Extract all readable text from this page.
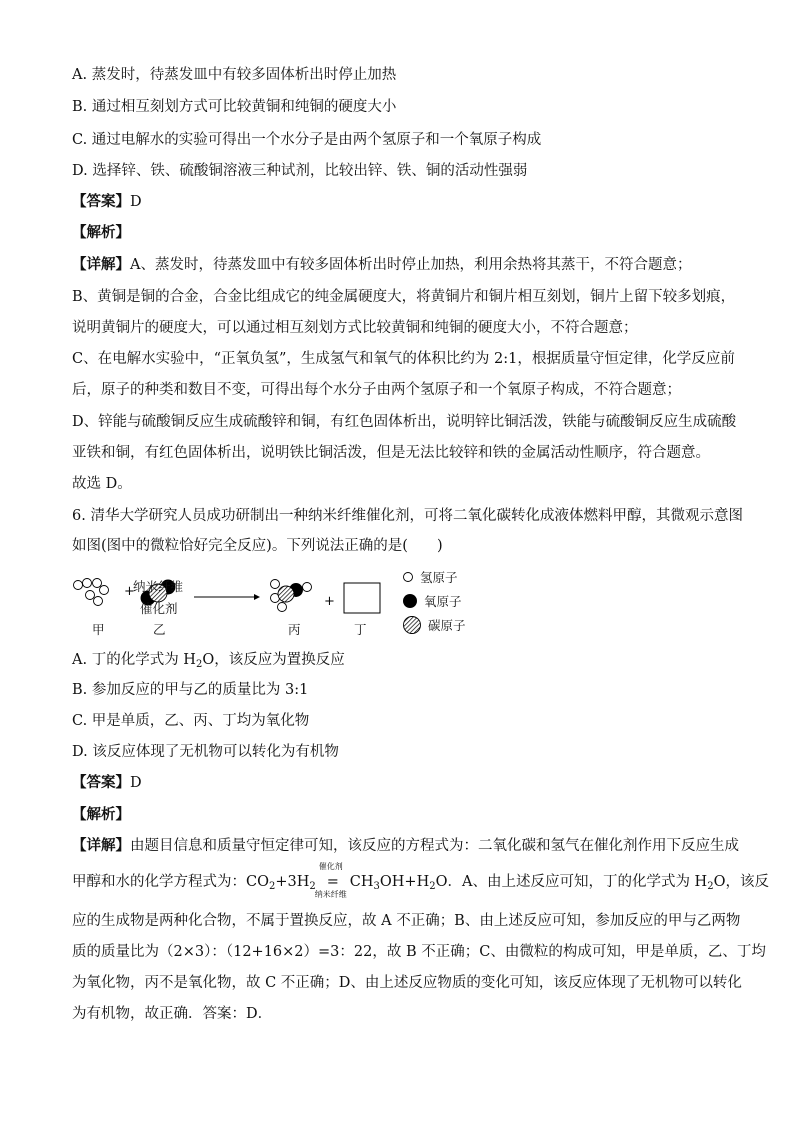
A. 蒸发时，待蒸发皿中有较多固体析出时停止加热
B. 通过相互刻划方式可比较黄铜和纯铜的硬度大小
C. 通过电解水的实验可得出一个水分子是由两个氢原子和一个氧原子构成
D. 选择锌、铁、硫酸铜溶液三种试剂，比较出锌、铁、铜的活动性强弱
【答案】D
【解析】
【详解】A、蒸发时，待蒸发皿中有较多固体析出时停止加热，利用余热将其蒸干，不符合题意；
B、黄铜是铜的合金，合金比组成它的纯金属硬度大，将黄铜片和铜片相互刻划，铜片上留下较多划痕，
说明黄铜片的硬度大，可以通过相互刻划方式比较黄铜和纯铜的硬度大小，不符合题意；
C、在电解水实验中，“正氧负氢”，生成氢气和氧气的体积比约为 2:1，根据质量守恒定律，化学反应前
后，原子的种类和数目不变，可得出每个水分子由两个氢原子和一个氧原子构成，不符合题意；
D、锌能与硫酸铜反应生成硫酸锌和铜，有红色固体析出，说明锌比铜活泼，铁能与硫酸铜反应生成硫酸
亚铁和铜，有红色固体析出，说明铁比铜活泼，但是无法比较锌和铁的金属活动性顺序，符合题意。
故选 D。
6. 清华大学研究人员成功研制出一种纳米纤维催化剂，可将二氧化碳转化成液体燃料甲醇，其微观示意图
如图(图中的微粒恰好完全反应)。下列说法正确的是(　　)
+
+
纳米纤维
催化剂
甲	乙	丙	丁
氢原子
氧原子
碳原子
A. 丁的化学式为 $H_2O$，该反应为置换反应
B. 参加反应的甲与乙的质量比为 3:1
C. 甲是单质，乙、丙、丁均为氧化物
D. 该反应体现了无机物可以转化为有机物
【答案】D
【解析】
【详解】由题目信息和质量守恒定律可知，该反应的方程式为：二氧化碳和氢气在催化剂作用下反应生成
甲醇和水的化学方程式为：$CO_2+3H_2$
催化剂
=
纳米纤维
$CH_3OH+H_2O$．A、由上述反应可知，丁的化学式为 $H_2O$，该反
应的生成物是两种化合物，不属于置换反应，故 A 不正确；B、由上述反应可知，参加反应的甲与乙两物
质的质量比为（2×3）：（12+16×2）=3：22，故 B 不正确；C、由微粒的构成可知，甲是单质，乙、丁均
为氧化物，丙不是氧化物，故 C 不正确；D、由上述反应物质的变化可知，该反应体现了无机物可以转化
为有机物，故正确．答案：D．
